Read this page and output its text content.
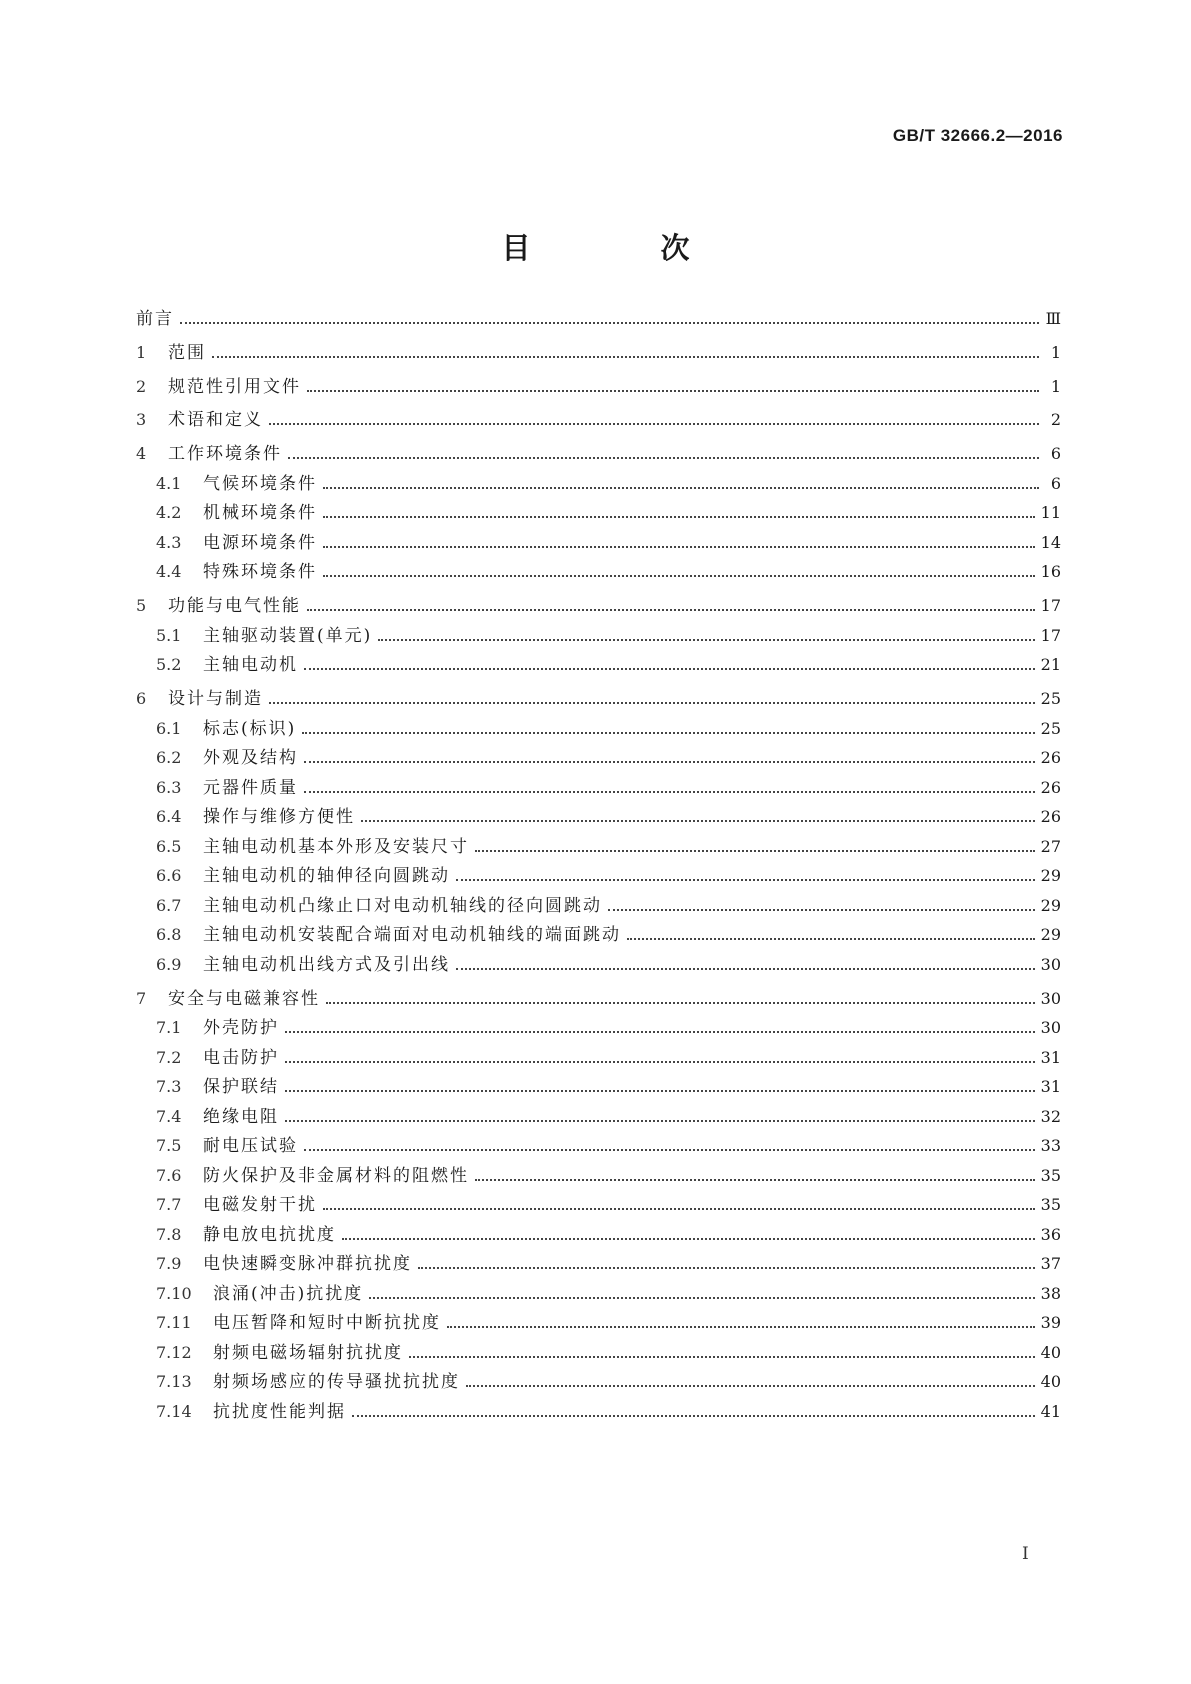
GB/T 32666.2—2016
目 次
前言	Ⅲ
1	范围	1
2	规范性引用文件	1
3	术语和定义	2
4	工作环境条件	6
4.1	气候环境条件	6
4.2	机械环境条件	11
4.3	电源环境条件	14
4.4	特殊环境条件	16
5	功能与电气性能	17
5.1	主轴驱动装置(单元)	17
5.2	主轴电动机	21
6	设计与制造	25
6.1	标志(标识)	25
6.2	外观及结构	26
6.3	元器件质量	26
6.4	操作与维修方便性	26
6.5	主轴电动机基本外形及安装尺寸	27
6.6	主轴电动机的轴伸径向圆跳动	29
6.7	主轴电动机凸缘止口对电动机轴线的径向圆跳动	29
6.8	主轴电动机安装配合端面对电动机轴线的端面跳动	29
6.9	主轴电动机出线方式及引出线	30
7	安全与电磁兼容性	30
7.1	外壳防护	30
7.2	电击防护	31
7.3	保护联结	31
7.4	绝缘电阻	32
7.5	耐电压试验	33
7.6	防火保护及非金属材料的阻燃性	35
7.7	电磁发射干扰	35
7.8	静电放电抗扰度	36
7.9	电快速瞬变脉冲群抗扰度	37
7.10	浪涌(冲击)抗扰度	38
7.11	电压暂降和短时中断抗扰度	39
7.12	射频电磁场辐射抗扰度	40
7.13	射频场感应的传导骚扰抗扰度	40
7.14	抗扰度性能判据	41
I
